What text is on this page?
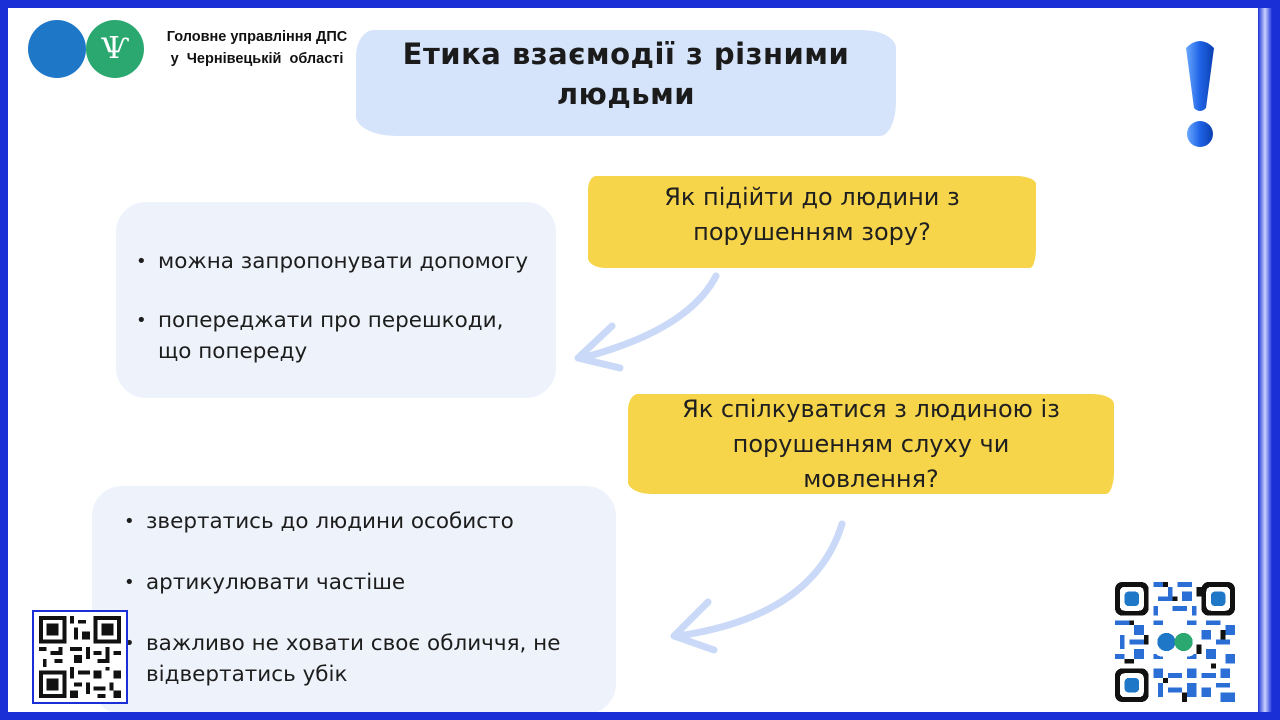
Ѱ	Головне управління ДПС
у  Чернівецькій  області	Етика взаємодії з різними
людьми
Як підійти до людини з
порушенням зору?
• можна запропонувати допомогу
• попереджати про перешкоди,
що попереду
Як спілкуватися з людиною із
порушенням слуху чи
мовлення?
• звертатись до людини особисто
• артикулювати частіше
• важливо не ховати своє обличчя, не
відвертатись убік
